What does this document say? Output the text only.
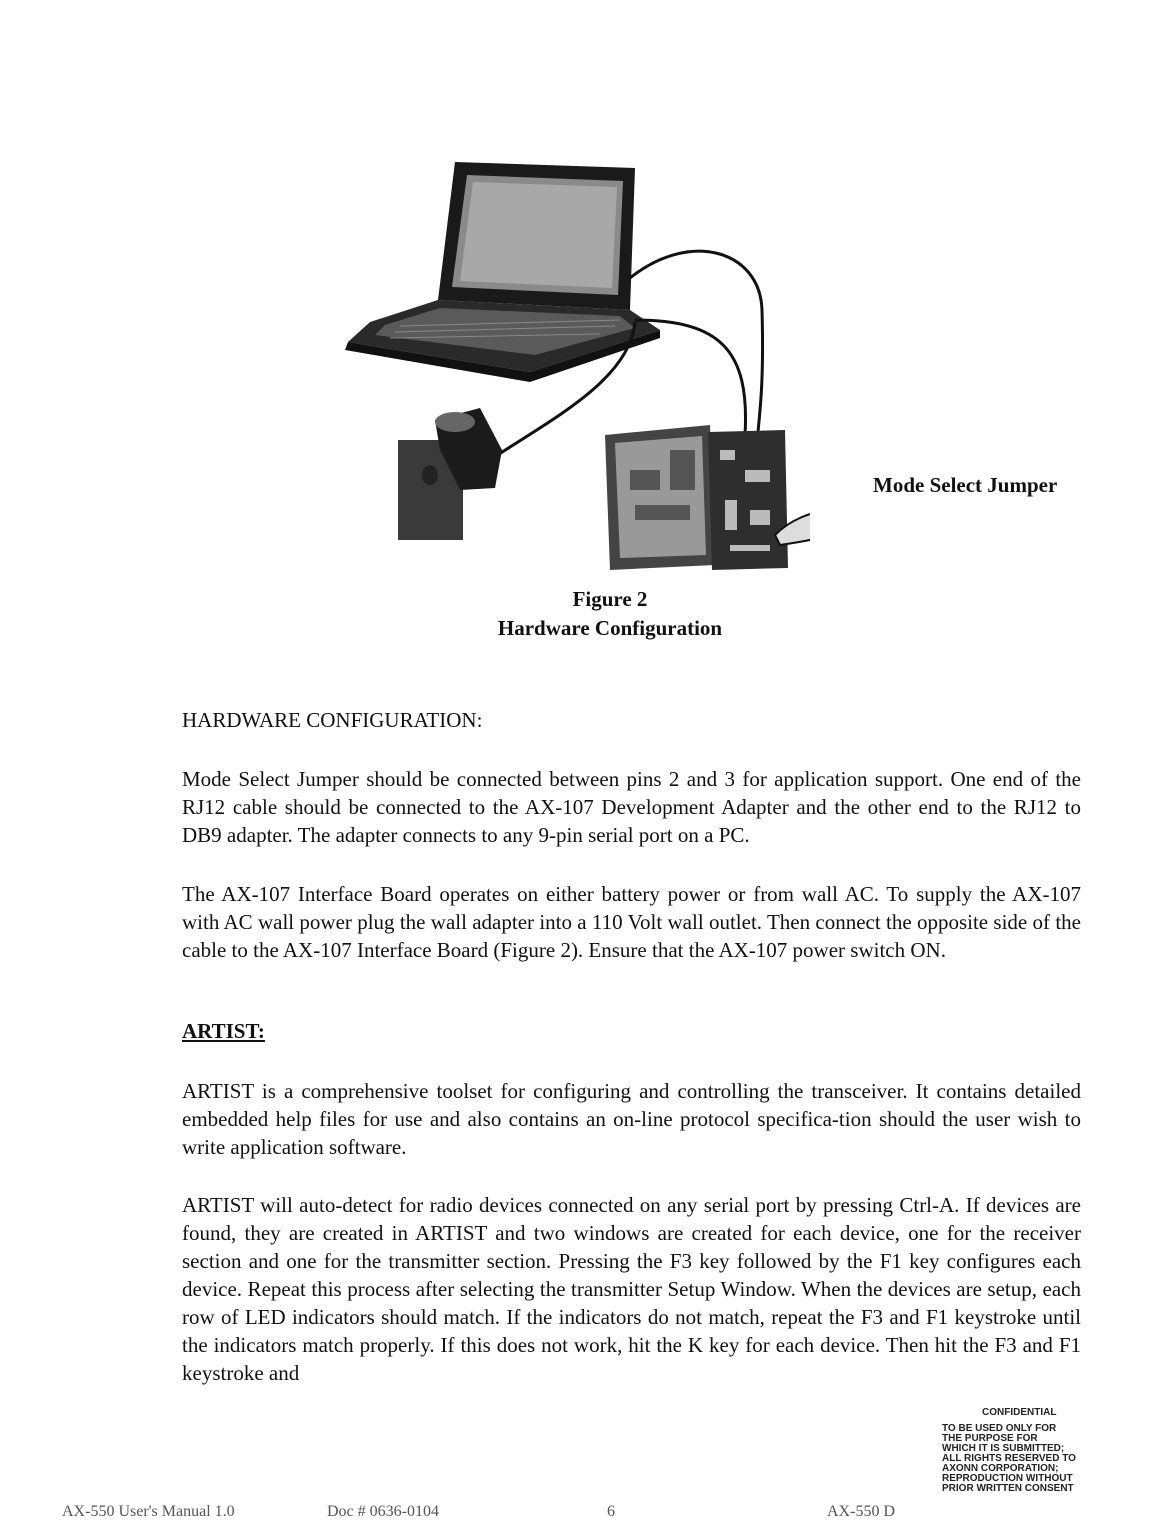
Mode Select Jumper
Figure 2
Hardware Configuration
HARDWARE CONFIGURATION:

Mode Select Jumper should be connected between pins 2 and 3 for application support. One end of the RJ12 cable should be connected to the AX-107 Development Adapter and the other end to the RJ12 to DB9 adapter. The adapter connects to any 9-pin serial port on a PC.

The AX-107 Interface Board operates on either battery power or from wall AC. To supply the AX-107 with AC wall power plug the wall adapter into a 110 Volt wall outlet. Then connect the opposite side of the cable to the AX-107 Interface Board (Figure 2). Ensure that the AX-107 power switch ON.

ARTIST:

ARTIST is a comprehensive toolset for configuring and controlling the transceiver. It contains detailed embedded help files for use and also contains an on-line protocol specifica-tion should the user wish to write application software.

ARTIST will auto-detect for radio devices connected on any serial port by pressing Ctrl-A. If devices are found, they are created in ARTIST and two windows are created for each device, one for the receiver section and one for the transmitter section. Pressing the F3 key followed by the F1 key configures each device. Repeat this process after selecting the transmitter Setup Window. When the devices are setup, each row of LED indicators should match. If the indicators do not match, repeat the F3 and F1 keystroke until the indicators match properly. If this does not work, hit the K key for each device. Then hit the F3 and F1 keystroke and

CONFIDENTIAL
TO BE USED ONLY FOR
THE PURPOSE FOR
WHICH IT IS SUBMITTED;
ALL RIGHTS RESERVED TO
AXONN CORPORATION;
REPRODUCTION WITHOUT
PRIOR WRITTEN CONSENT
AX-550 User's Manual 1.0	Doc # 0636-0104	6	AX-550 D
